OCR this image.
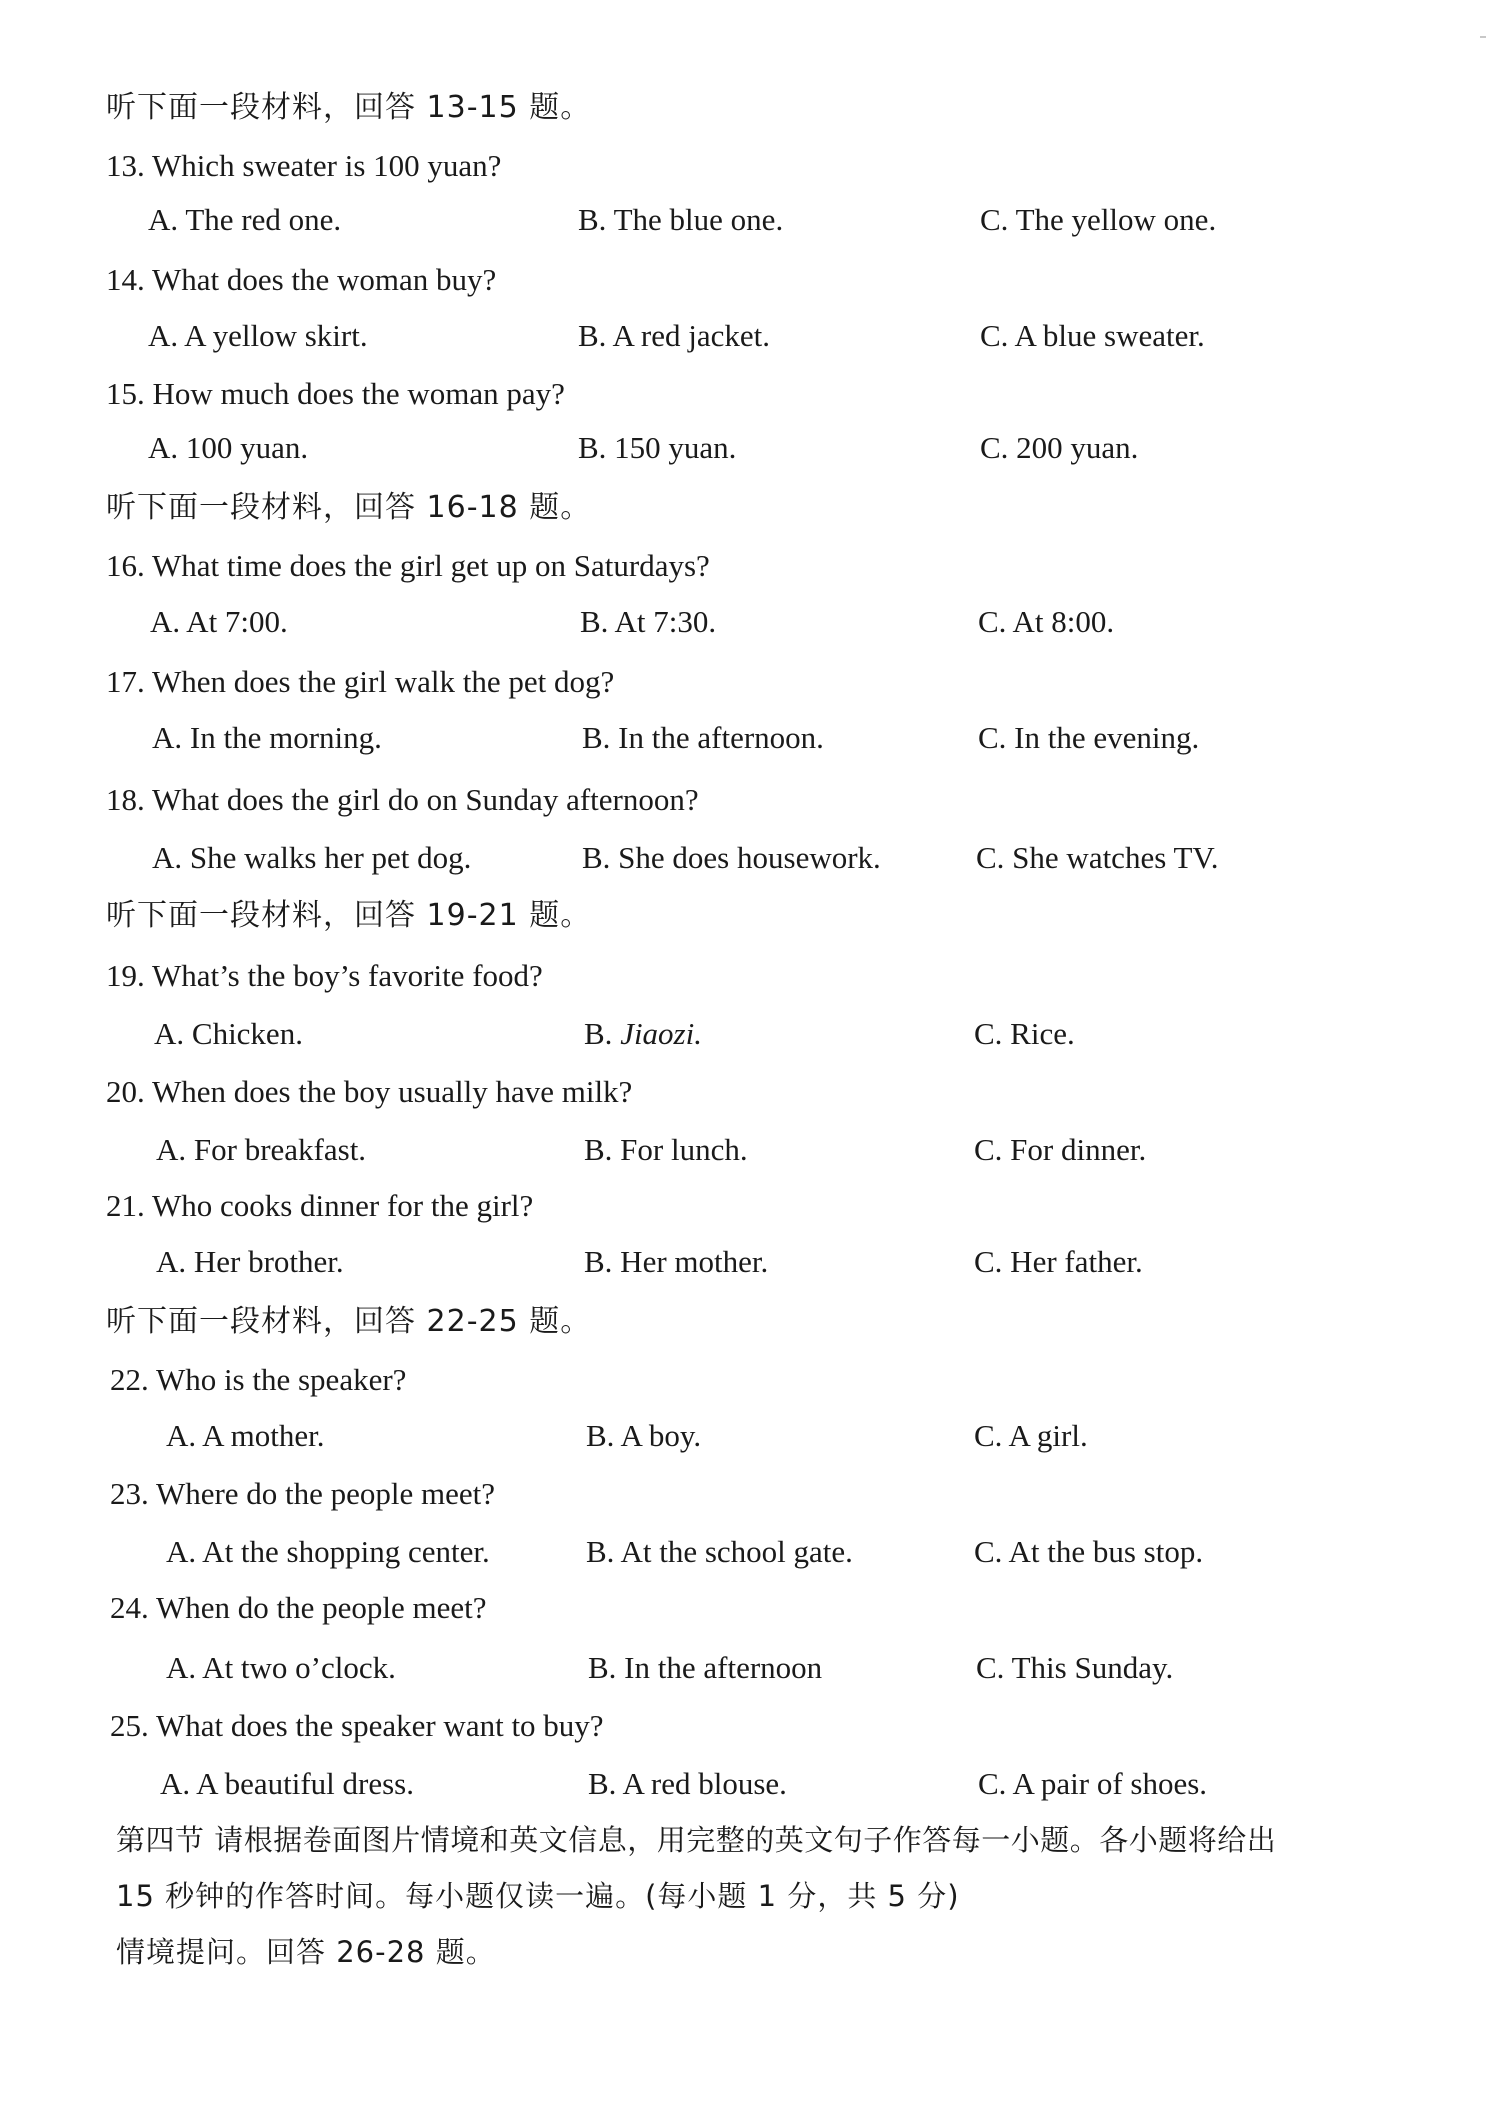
听下面一段材料，回答 13-15 题。
13. Which sweater is 100 yuan?
A. The red one.	B. The blue one.	C. The yellow one.
14. What does the woman buy?
A. A yellow skirt.	B. A red jacket.	C. A blue sweater.
15. How much does the woman pay?
A. 100 yuan.	B. 150 yuan.	C. 200 yuan.
听下面一段材料，回答 16-18 题。
16. What time does the girl get up on Saturdays?
A. At 7:00.	B. At 7:30.	C. At 8:00.
17. When does the girl walk the pet dog?
A. In the morning.	B. In the afternoon.	C. In the evening.
18. What does the girl do on Sunday afternoon?
A. She walks her pet dog.	B. She does housework.	C. She watches TV.
听下面一段材料，回答 19-21 题。
19. What’s the boy’s favorite food?
A. Chicken.	B. Jiaozi.	C. Rice.
20. When does the boy usually have milk?
A. For breakfast.	B. For lunch.	C. For dinner.
21. Who cooks dinner for the girl?
A. Her brother.	B. Her mother.	C. Her father.
听下面一段材料，回答 22-25 题。
22. Who is the speaker?
A. A mother.	B. A boy.	C. A girl.
23. Where do the people meet?
A. At the shopping center.	B. At the school gate.	C. At the bus stop.
24. When do the people meet?
A. At two o’clock.	B. In the afternoon	C. This Sunday.
25. What does the speaker want to buy?
A. A beautiful dress.	B. A red blouse.	C. A pair of shoes.
第四节 请根据卷面图片情境和英文信息，用完整的英文句子作答每一小题。各小题将给出
15 秒钟的作答时间。每小题仅读一遍。(每小题 1 分，共 5 分)
情境提问。回答 26-28 题。
